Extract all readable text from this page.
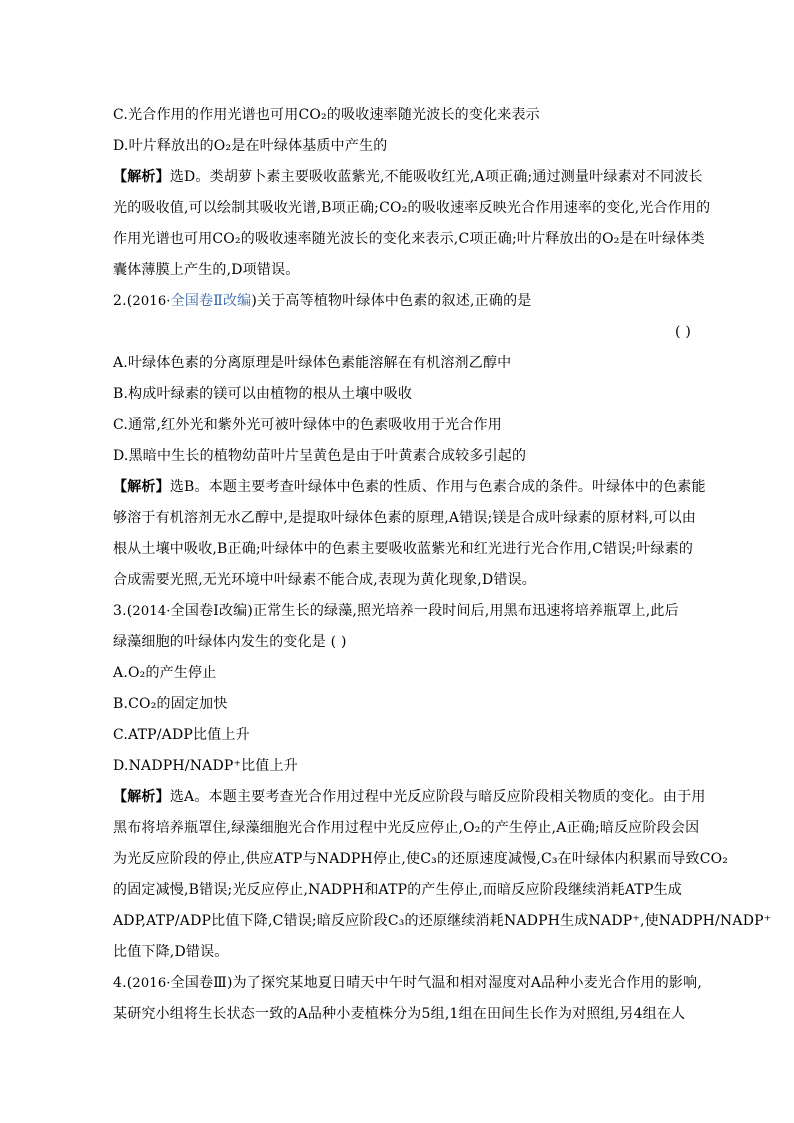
C.光合作用的作用光谱也可用CO₂的吸收速率随光波长的变化来表示
D.叶片释放出的O₂是在叶绿体基质中产生的
【解析】选D。类胡萝卜素主要吸收蓝紫光,不能吸收红光,A项正确;通过测量叶绿素对不同波长
光的吸收值,可以绘制其吸收光谱,B项正确;CO₂的吸收速率反映光合作用速率的变化,光合作用的
作用光谱也可用CO₂的吸收速率随光波长的变化来表示,C项正确;叶片释放出的O₂是在叶绿体类
囊体薄膜上产生的,D项错误。
2.(2016·全国卷Ⅱ改编)关于高等植物叶绿体中色素的叙述,正确的是
( )
A.叶绿体色素的分离原理是叶绿体色素能溶解在有机溶剂乙醇中
B.构成叶绿素的镁可以由植物的根从土壤中吸收
C.通常,红外光和紫外光可被叶绿体中的色素吸收用于光合作用
D.黑暗中生长的植物幼苗叶片呈黄色是由于叶黄素合成较多引起的
【解析】选B。本题主要考查叶绿体中色素的性质、作用与色素合成的条件。叶绿体中的色素能
够溶于有机溶剂无水乙醇中,是提取叶绿体色素的原理,A错误;镁是合成叶绿素的原材料,可以由
根从土壤中吸收,B正确;叶绿体中的色素主要吸收蓝紫光和红光进行光合作用,C错误;叶绿素的
合成需要光照,无光环境中叶绿素不能合成,表现为黄化现象,D错误。
3.(2014·全国卷Ⅰ改编)正常生长的绿藻,照光培养一段时间后,用黑布迅速将培养瓶罩上,此后
绿藻细胞的叶绿体内发生的变化是 ( )
A.O₂的产生停止
B.CO₂的固定加快
C.ATP/ADP比值上升
D.NADPH/NADP⁺比值上升
【解析】选A。本题主要考查光合作用过程中光反应阶段与暗反应阶段相关物质的变化。由于用
黑布将培养瓶罩住,绿藻细胞光合作用过程中光反应停止,O₂的产生停止,A正确;暗反应阶段会因
为光反应阶段的停止,供应ATP与NADPH停止,使C₃的还原速度减慢,C₃在叶绿体内积累而导致CO₂
的固定减慢,B错误;光反应停止,NADPH和ATP的产生停止,而暗反应阶段继续消耗ATP生成
ADP,ATP/ADP比值下降,C错误;暗反应阶段C₃的还原继续消耗NADPH生成NADP⁺,使NADPH/NADP⁺
比值下降,D错误。
4.(2016·全国卷Ⅲ)为了探究某地夏日晴天中午时气温和相对湿度对A品种小麦光合作用的影响,
某研究小组将生长状态一致的A品种小麦植株分为5组,1组在田间生长作为对照组,另4组在人
